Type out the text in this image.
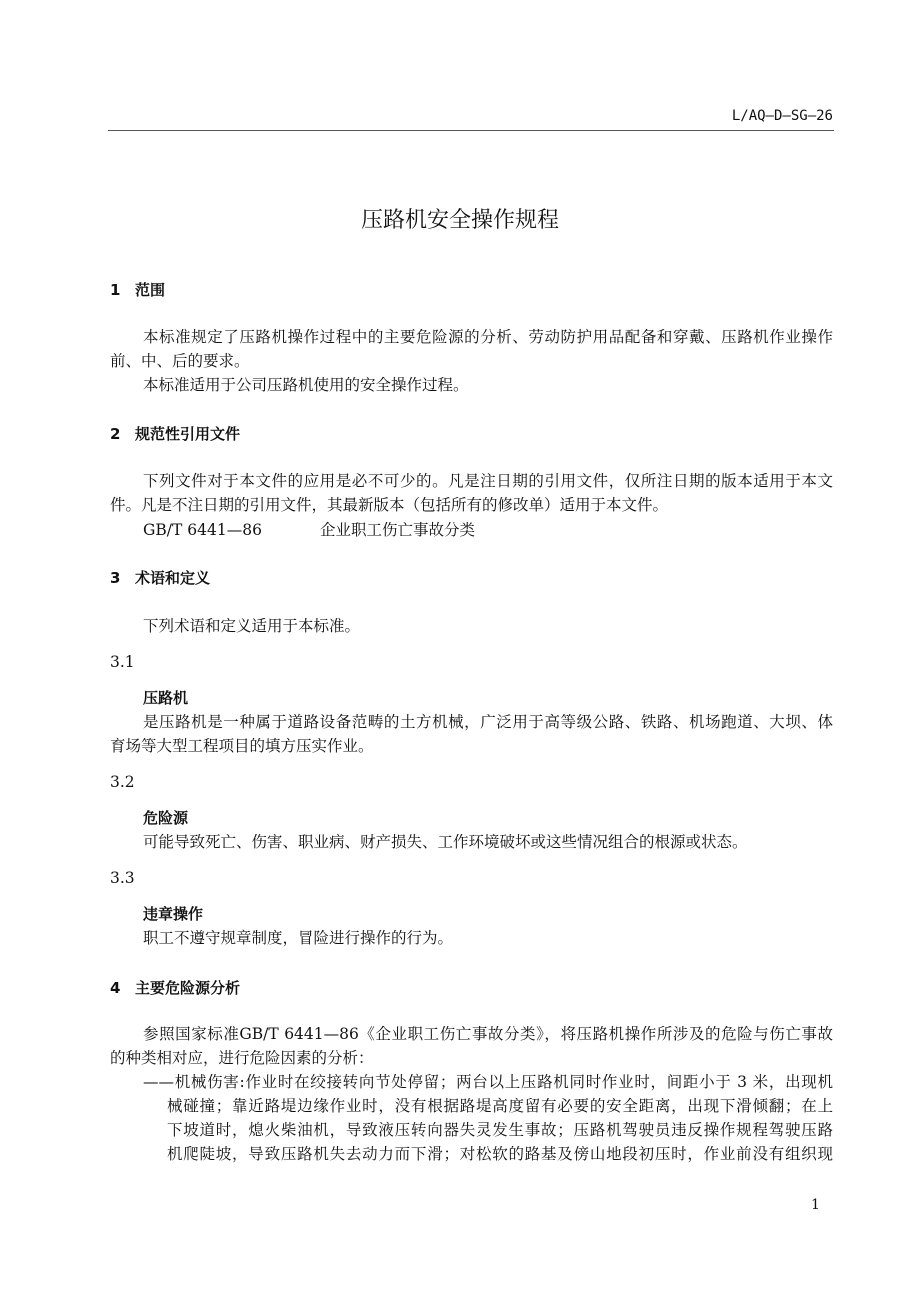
L/AQ—D—SG—26
压路机安全操作规程
1 范围
本标准规定了压路机操作过程中的主要危险源的分析、劳动防护用品配备和穿戴、压路机作业操作
前、中、后的要求。
本标准适用于公司压路机使用的安全操作过程。
2 规范性引用文件
下列文件对于本文件的应用是必不可少的。凡是注日期的引用文件，仅所注日期的版本适用于本文
件。凡是不注日期的引用文件，其最新版本（包括所有的修改单）适用于本文件。
GB/T 6441—86	企业职工伤亡事故分类
3 术语和定义
下列术语和定义适用于本标准。
3.1
压路机
是压路机是一种属于道路设备范畴的土方机械，广泛用于高等级公路、铁路、机场跑道、大坝、体
育场等大型工程项目的填方压实作业。
3.2
危险源
可能导致死亡、伤害、职业病、财产损失、工作环境破坏或这些情况组合的根源或状态。
3.3
违章操作
职工不遵守规章制度，冒险进行操作的行为。
4 主要危险源分析
参照国家标准GB/T 6441—86《企业职工伤亡事故分类》，将压路机操作所涉及的危险与伤亡事故
的种类相对应，进行危险因素的分析：
——机械伤害:作业时在绞接转向节处停留；两台以上压路机同时作业时，间距小于 3 米，出现机
械碰撞；靠近路堤边缘作业时，没有根据路堤高度留有必要的安全距离，出现下滑倾翻；在上
下坡道时，熄火柴油机，导致液压转向器失灵发生事故；压路机驾驶员违反操作规程驾驶压路
机爬陡坡，导致压路机失去动力而下滑；对松软的路基及傍山地段初压时，作业前没有组织现
1
